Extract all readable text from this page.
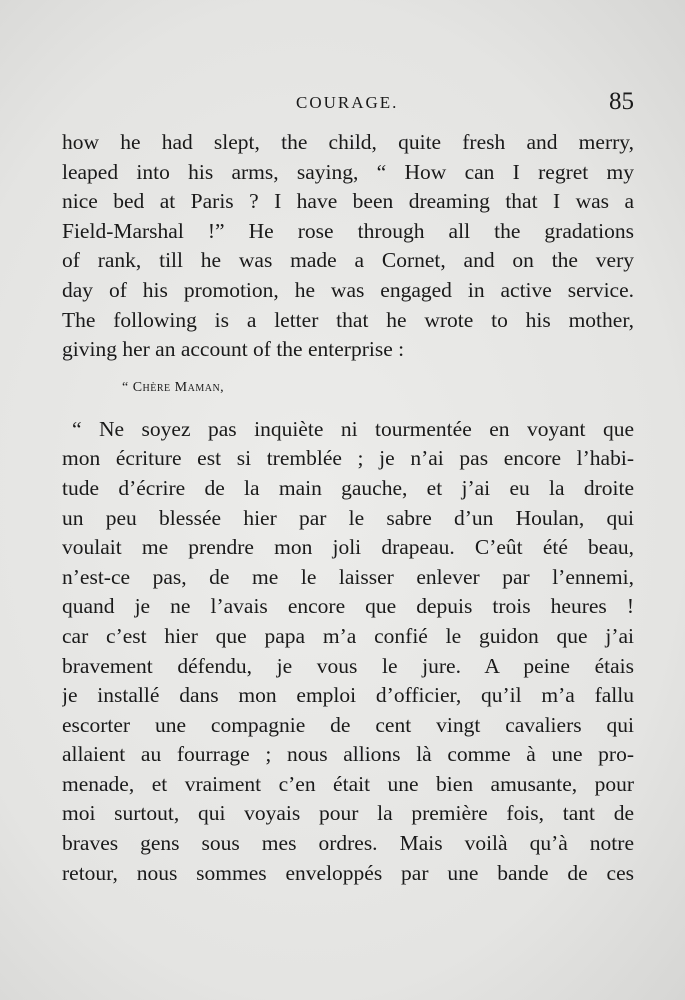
COURAGE.	85
how he had slept, the child, quite fresh and merry,
leaped into his arms, saying, “ How can I regret my
nice bed at Paris ? I have been dreaming that I was a
Field-Marshal !” He rose through all the gradations
of rank, till he was made a Cornet, and on the very
day of his promotion, he was engaged in active service.
The following is a letter that he wrote to his mother,
giving her an account of the enterprise :
“ Chère Maman,
“ Ne soyez pas inquiète ni tourmentée en voyant que
mon écriture est si tremblée ; je n’ai pas encore l’habi-
tude d’écrire de la main gauche, et j’ai eu la droite
un peu blessée hier par le sabre d’un Houlan, qui
voulait me prendre mon joli drapeau. C’eût été beau,
n’est-ce pas, de me le laisser enlever par l’ennemi,
quand je ne l’avais encore que depuis trois heures !
car c’est hier que papa m’a confié le guidon que j’ai
bravement défendu, je vous le jure. A peine étais
je installé dans mon emploi d’officier, qu’il m’a fallu
escorter une compagnie de cent vingt cavaliers qui
allaient au fourrage ; nous allions là comme à une pro-
menade, et vraiment c’en était une bien amusante, pour
moi surtout, qui voyais pour la première fois, tant de
braves gens sous mes ordres. Mais voilà qu’à notre
retour, nous sommes enveloppés par une bande de ces
